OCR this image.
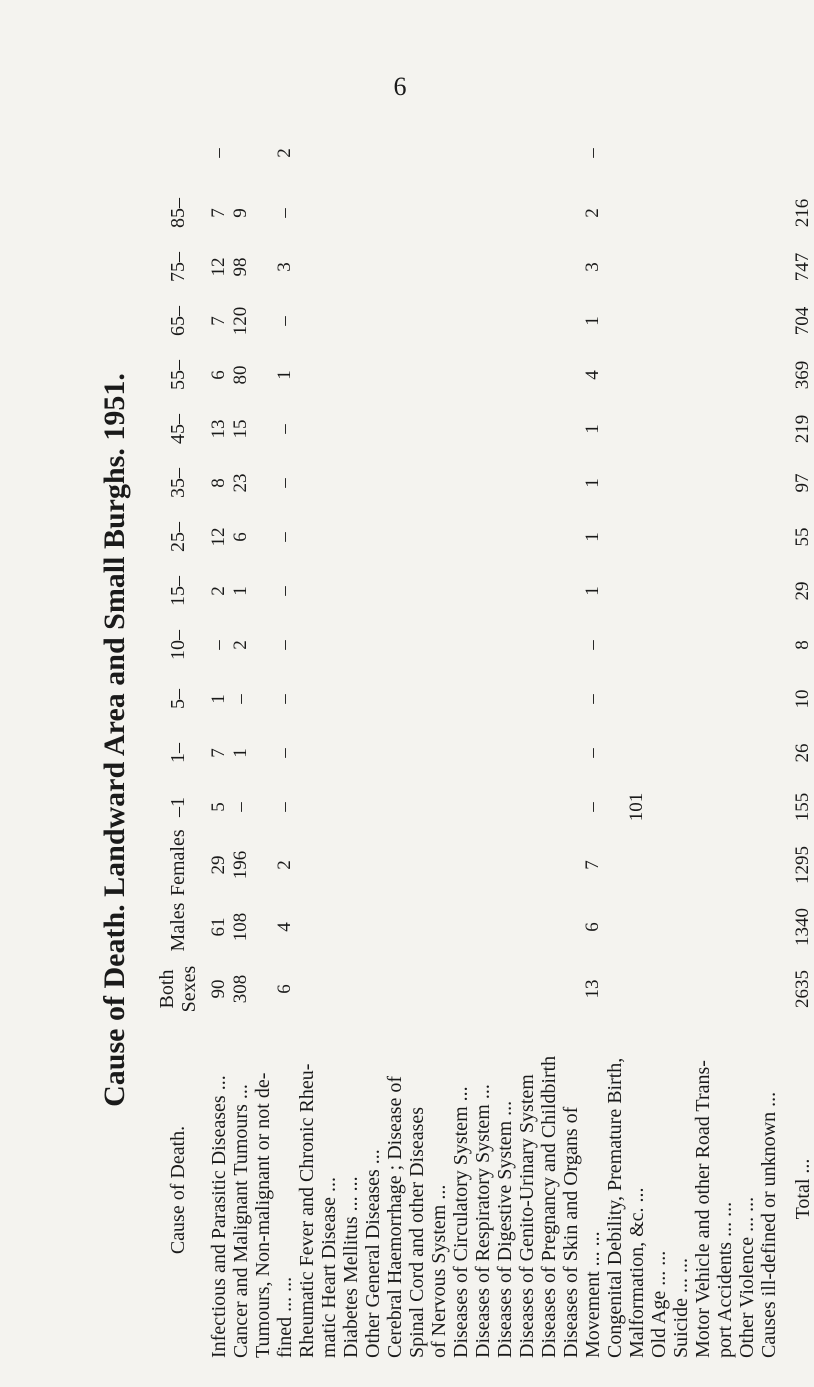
6
Cause of Death. Landward Area and Small Burghs. 1951.
Cause of Death.	Both Sexes	Males	Females	–1	1–	5–	10–	15–	25–	35–	45–	55–	65–	75–	85–	
Infectious and Parasitic Diseases ...	90	61	29	5	7	1	–	2	12	8	13	6	7	12	7	–
Cancer and Malignant Tumours ...	308	108	196	–	1	–	2	1	6	23	15	80	120	98	9	
Tumours, Non-malignant or not de-																
fined ... ...	6	4	2	–	–	–	–	–	–	–	–	1	–	3	–	2
Rheumatic Fever and Chronic Rheu-																
matic Heart Disease ...																
Diabetes Mellitus ... ...																
Other General Diseases ...																
Cerebral Haemorrhage ; Disease of																
Spinal Cord and other Diseases																
of Nervous System ...																
Diseases of Circulatory System ...																
Diseases of Respiratory System ...																
Diseases of Digestive System ...																
Diseases of Genito-Urinary System																
Diseases of Pregnancy and Childbirth																
Diseases of Skin and Organs of																
Movement ... ...	13	6	7	–	–	–	–	1	1	1	1	4	1	3	2	–
Congenital Debility, Premature Birth,																
Malformation, &c. ...				101												
Old Age ... ...																
Suicide ... ...																
Motor Vehicle and other Road Trans-																
port Accidents ... ...																
Other Violence ... ...																
Causes ill-defined or unknown ...																
Total ...	2635	1340	1295	155	26	10	8	29	55	97	219	369	704	747	216	
